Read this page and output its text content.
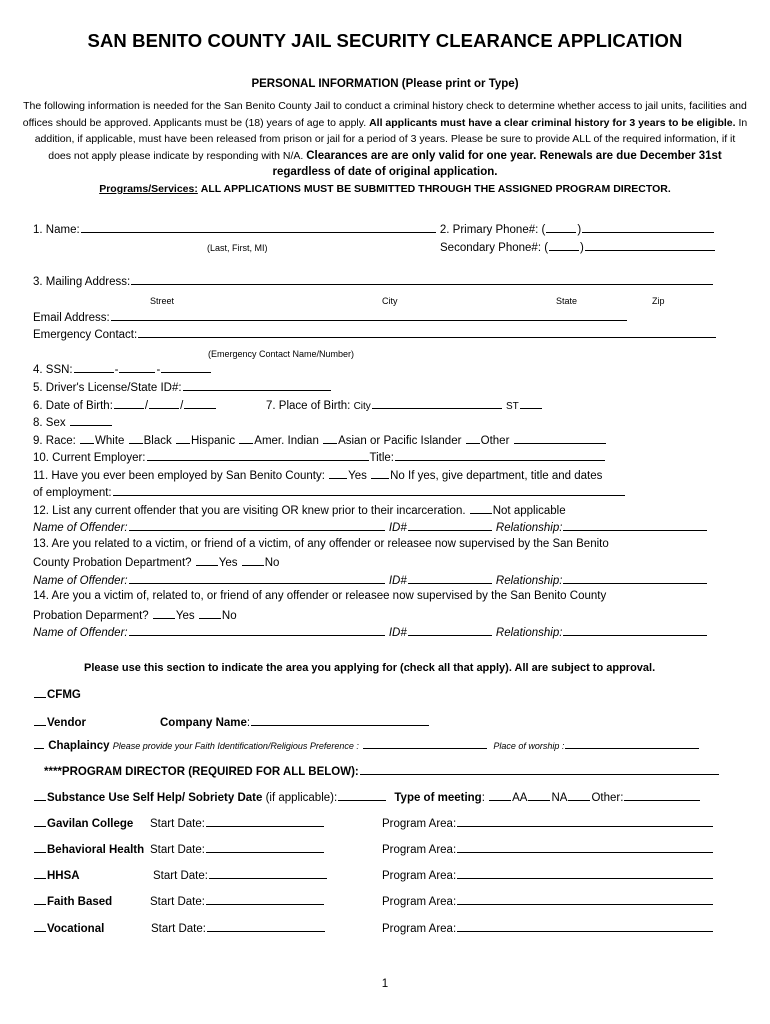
SAN BENITO COUNTY JAIL SECURITY CLEARANCE APPLICATION
PERSONAL INFORMATION (Please print or Type)
The following information is needed for the San Benito County Jail to conduct a criminal history check to determine whether access to jail units, facilities and offices should be approved. Applicants must be (18) years of age to apply. All applicants must have a clear criminal history for 3 years to be eligible. In addition, if applicable, must have been released from prison or jail for a period of 3 years. Please be sure to provide ALL of the required information, if it does not apply please indicate by responding with N/A. Clearances are are only valid for one year. Renewals are due December 31st regardless of date of original application.
Programs/Services: ALL APPLICATIONS MUST BE SUBMITTED THROUGH THE ASSIGNED PROGRAM DIRECTOR.
1. Name:	2. Primary Phone#: (	)
(Last, First, MI)	Secondary Phone#: (	)
3. Mailing Address:
Street	City	State	Zip
Email Address:
Emergency Contact:
(Emergency Contact Name/Number)
4. SSN:	-	-
5. Driver's License/State ID#:
6. Date of Birth:	/	/	7. Place of Birth: City	ST
8. Sex
9. Race: White Black Hispanic Amer. Indian Asian or Pacific Islander Other
10. Current Employer:	Title:
11. Have you ever been employed by San Benito County: Yes No If yes, give department, title and dates
of employment:
12. List any current offender that you are visiting OR knew prior to their incarceration. Not applicable
Name of Offender:	ID#	Relationship:
13. Are you related to a victim, or friend of a victim, of any offender or releasee now supervised by the San Benito
County Probation Department? Yes No
Name of Offender:	ID#	Relationship:
14. Are you a victim of, related to, or friend of any offender or releasee now supervised by the San Benito County
Probation Deparment? Yes No
Name of Offender:	ID#	Relationship:
Please use this section to indicate the area you applying for (check all that apply). All are subject to approval.
CFMG
Vendor	Company Name:
Chaplaincy Please provide your Faith Identification/Religious Preference :	Place of worship :
****PROGRAM DIRECTOR (REQUIRED FOR ALL BELOW):
Substance Use Self Help/ Sobriety Date (if applicable):	Type of meeting: AA NA Other:
Gavilan College Start Date:	Program Area:
Behavioral Health Start Date:	Program Area:
HHSA	Start Date:	Program Area:
Faith Based	Start Date:	Program Area:
Vocational	Start Date:	Program Area:
1
